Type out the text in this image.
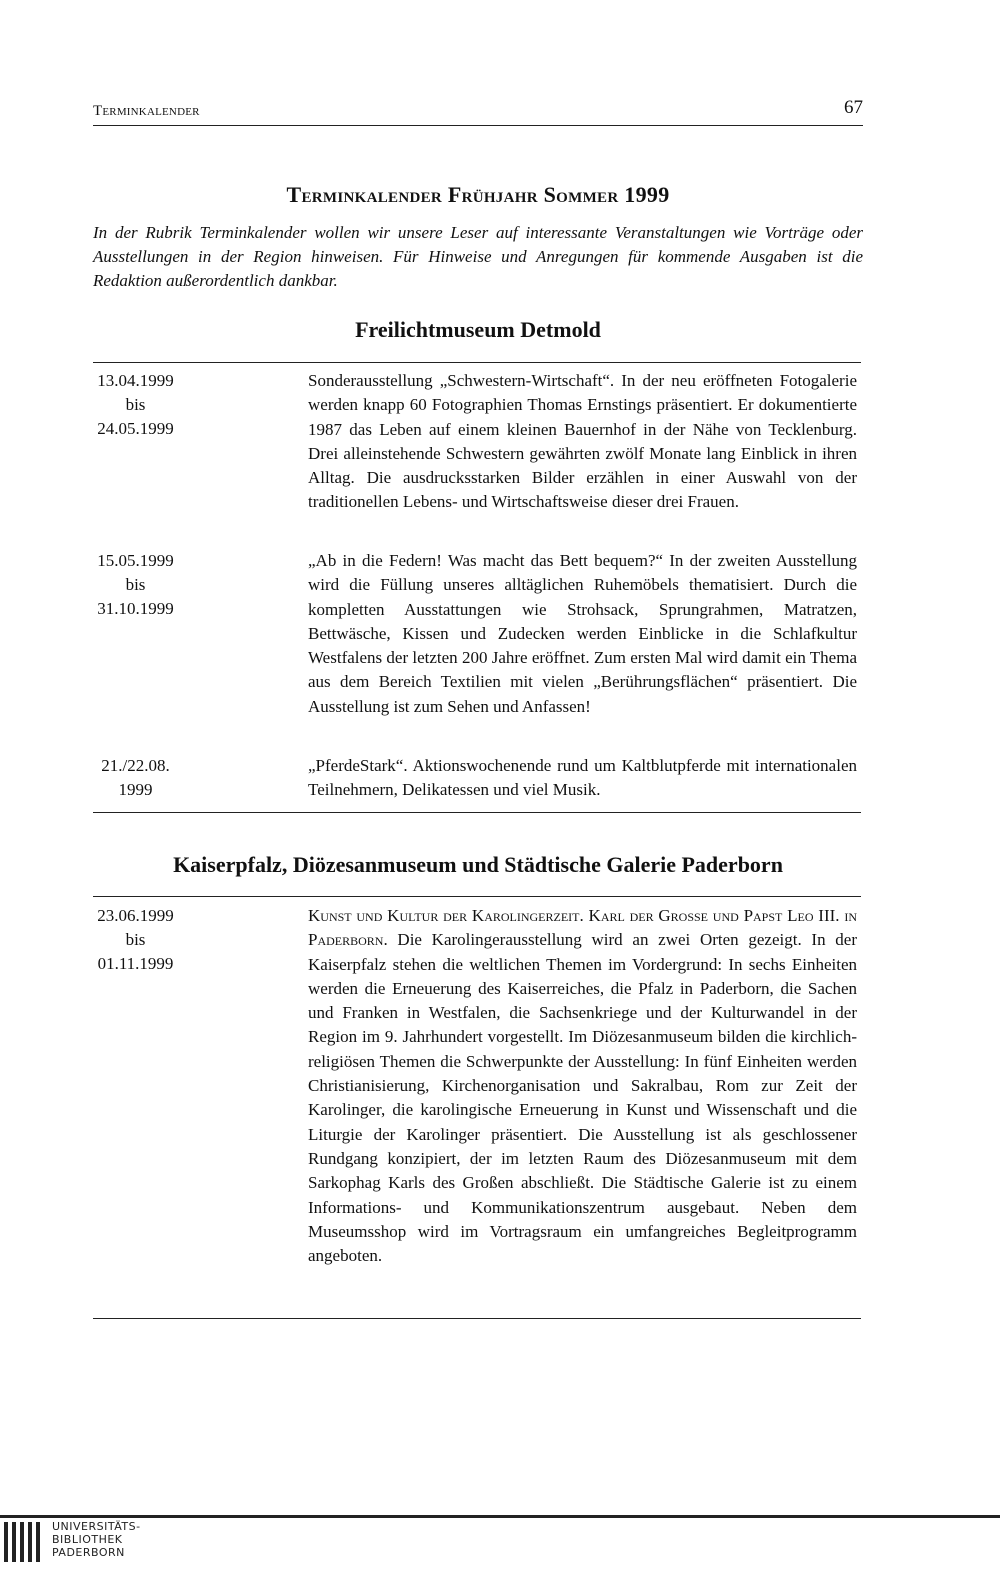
Terminkalender	67
Terminkalender Frühjahr Sommer 1999
In der Rubrik Terminkalender wollen wir unsere Leser auf interessante Veranstaltungen wie Vorträge oder Ausstellungen in der Region hinweisen. Für Hinweise und Anregungen für kommende Ausgaben ist die Redaktion außerordentlich dankbar.
Freilichtmuseum Detmold
13.04.1999
bis
24.05.1999
Sonderausstellung „Schwestern-Wirtschaft“. In der neu eröffneten Fotogalerie werden knapp 60 Fotographien Thomas Ernstings präsentiert. Er dokumentierte 1987 das Leben auf einem kleinen Bauernhof in der Nähe von Tecklenburg. Drei alleinstehende Schwestern gewährten zwölf Monate lang Einblick in ihren Alltag. Die ausdrucksstarken Bilder erzählen in einer Auswahl von der traditionellen Lebens- und Wirtschaftsweise dieser drei Frauen.
15.05.1999
bis
31.10.1999
„Ab in die Federn! Was macht das Bett bequem?“ In der zweiten Ausstellung wird die Füllung unseres alltäglichen Ruhemöbels thematisiert. Durch die kompletten Ausstattungen wie Strohsack, Sprungrahmen, Matratzen, Bettwäsche, Kissen und Zudecken werden Einblicke in die Schlafkultur Westfalens der letzten 200 Jahre eröffnet. Zum ersten Mal wird damit ein Thema aus dem Bereich Textilien mit vielen „Berührungsflächen“ präsentiert. Die Ausstellung ist zum Sehen und Anfassen!
21./22.08.
1999
„PferdeStark“. Aktionswochenende rund um Kaltblutpferde mit internationalen Teilnehmern, Delikatessen und viel Musik.
Kaiserpfalz, Diözesanmuseum und Städtische Galerie Paderborn
23.06.1999
bis
01.11.1999
Kunst und Kultur der Karolingerzeit. Karl der Große und Papst Leo III. in Paderborn. Die Karolingerausstellung wird an zwei Orten gezeigt. In der Kaiserpfalz stehen die weltlichen Themen im Vordergrund: In sechs Einheiten werden die Erneuerung des Kaiserreiches, die Pfalz in Paderborn, die Sachen und Franken in Westfalen, die Sachsenkriege und der Kulturwandel in der Region im 9. Jahrhundert vorgestellt. Im Diözesanmuseum bilden die kirchlich-religiösen Themen die Schwerpunkte der Ausstellung: In fünf Einheiten werden Christianisierung, Kirchenorganisation und Sakralbau, Rom zur Zeit der Karolinger, die karolingische Erneuerung in Kunst und Wissenschaft und die Liturgie der Karolinger präsentiert. Die Ausstellung ist als geschlossener Rundgang konzipiert, der im letzten Raum des Diözesanmuseum mit dem Sarkophag Karls des Großen abschließt. Die Städtische Galerie ist zu einem Informations- und Kommunikationszentrum ausgebaut. Neben dem Museumsshop wird im Vortragsraum ein umfangreiches Begleitprogramm angeboten.
UNIVERSITÄTS-
BIBLIOTHEK
PADERBORN
